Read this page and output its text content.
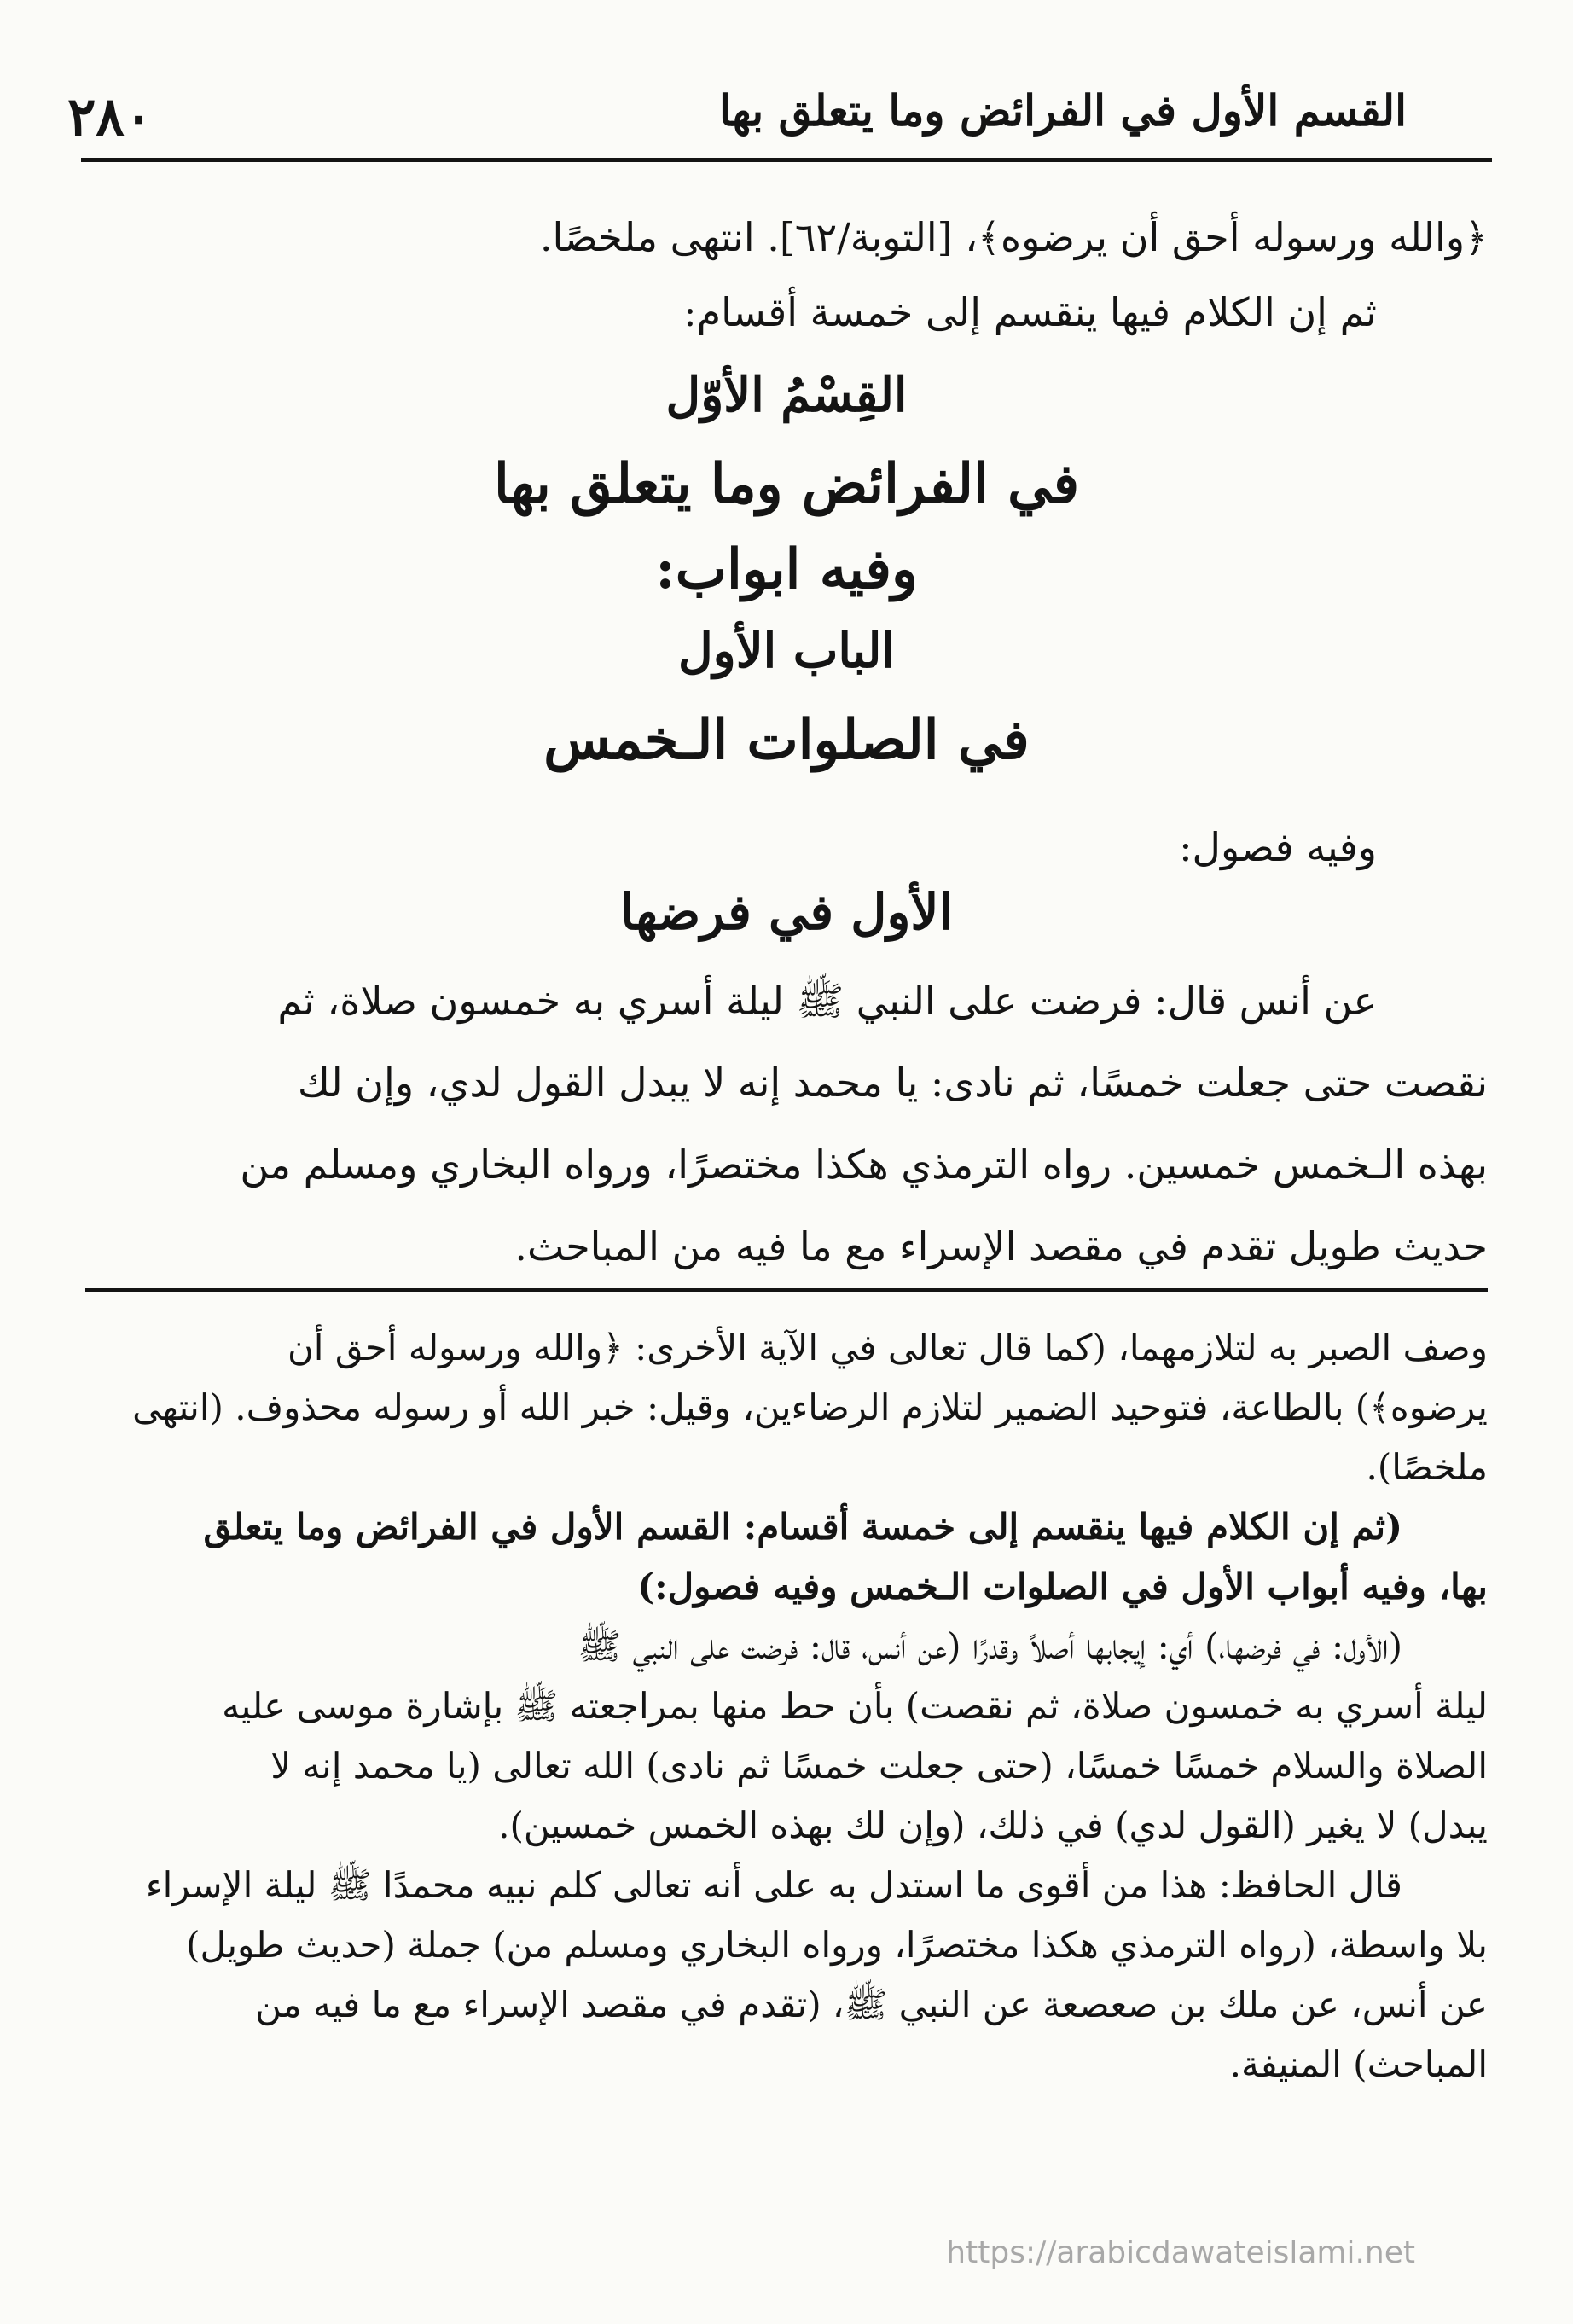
القسم الأول في الفرائض وما يتعلق بها
٢٨٠
﴿والله ورسوله أحق أن يرضوه﴾، [التوبة/٦٢]. انتهى ملخصًا.
ثم إن الكلام فيها ينقسم إلى خمسة أقسام:
القِسْمُ الأوّل
في الفرائض وما يتعلق بها
وفيه ابواب:
الباب الأول
في الصلوات الـخمس
وفيه فصول:
الأول في فرضها
عن أنس قال: فرضت على النبي ﷺ ليلة أسري به خمسون صلاة، ثم
نقصت حتى جعلت خمسًا، ثم نادى: يا محمد إنه لا يبدل القول لدي، وإن لك
بهذه الـخمس خمسين. رواه الترمذي هكذا مختصرًا، ورواه البخاري ومسلم من
حديث طويل تقدم في مقصد الإسراء مع ما فيه من المباحث.
وصف الصبر به لتلازمهما، (كما قال تعالى في الآية الأخرى: ﴿والله ورسوله أحق أن
يرضوه﴾) بالطاعة، فتوحيد الضمير لتلازم الرضاءين، وقيل: خبر الله أو رسوله محذوف. (انتهى
ملخصًا).
(ثم إن الكلام فيها ينقسم إلى خمسة أقسام: القسم الأول في الفرائض وما يتعلق
بها، وفيه أبواب الأول في الصلوات الـخمس وفيه فصول:)
(الأول: في فرضها،) أي: إيجابها أصلاً وقدرًا (عن أنس، قال: فرضت على النبي ﷺ
ليلة أسري به خمسون صلاة، ثم نقصت) بأن حط منها بمراجعته ﷺ بإشارة موسى عليه
الصلاة والسلام خمسًا خمسًا، (حتى جعلت خمسًا ثم نادى) الله تعالى (يا محمد إنه لا
يبدل) لا يغير (القول لدي) في ذلك، (وإن لك بهذه الخمس خمسين).
قال الحافظ: هذا من أقوى ما استدل به على أنه تعالى كلم نبيه محمدًا ﷺ ليلة الإسراء
بلا واسطة، (رواه الترمذي هكذا مختصرًا، ورواه البخاري ومسلم من) جملة (حديث طويل)
عن أنس، عن ملك بن صعصعة عن النبي ﷺ، (تقدم في مقصد الإسراء مع ما فيه من
المباحث) المنيفة.
https://arabicdawateislami.net
